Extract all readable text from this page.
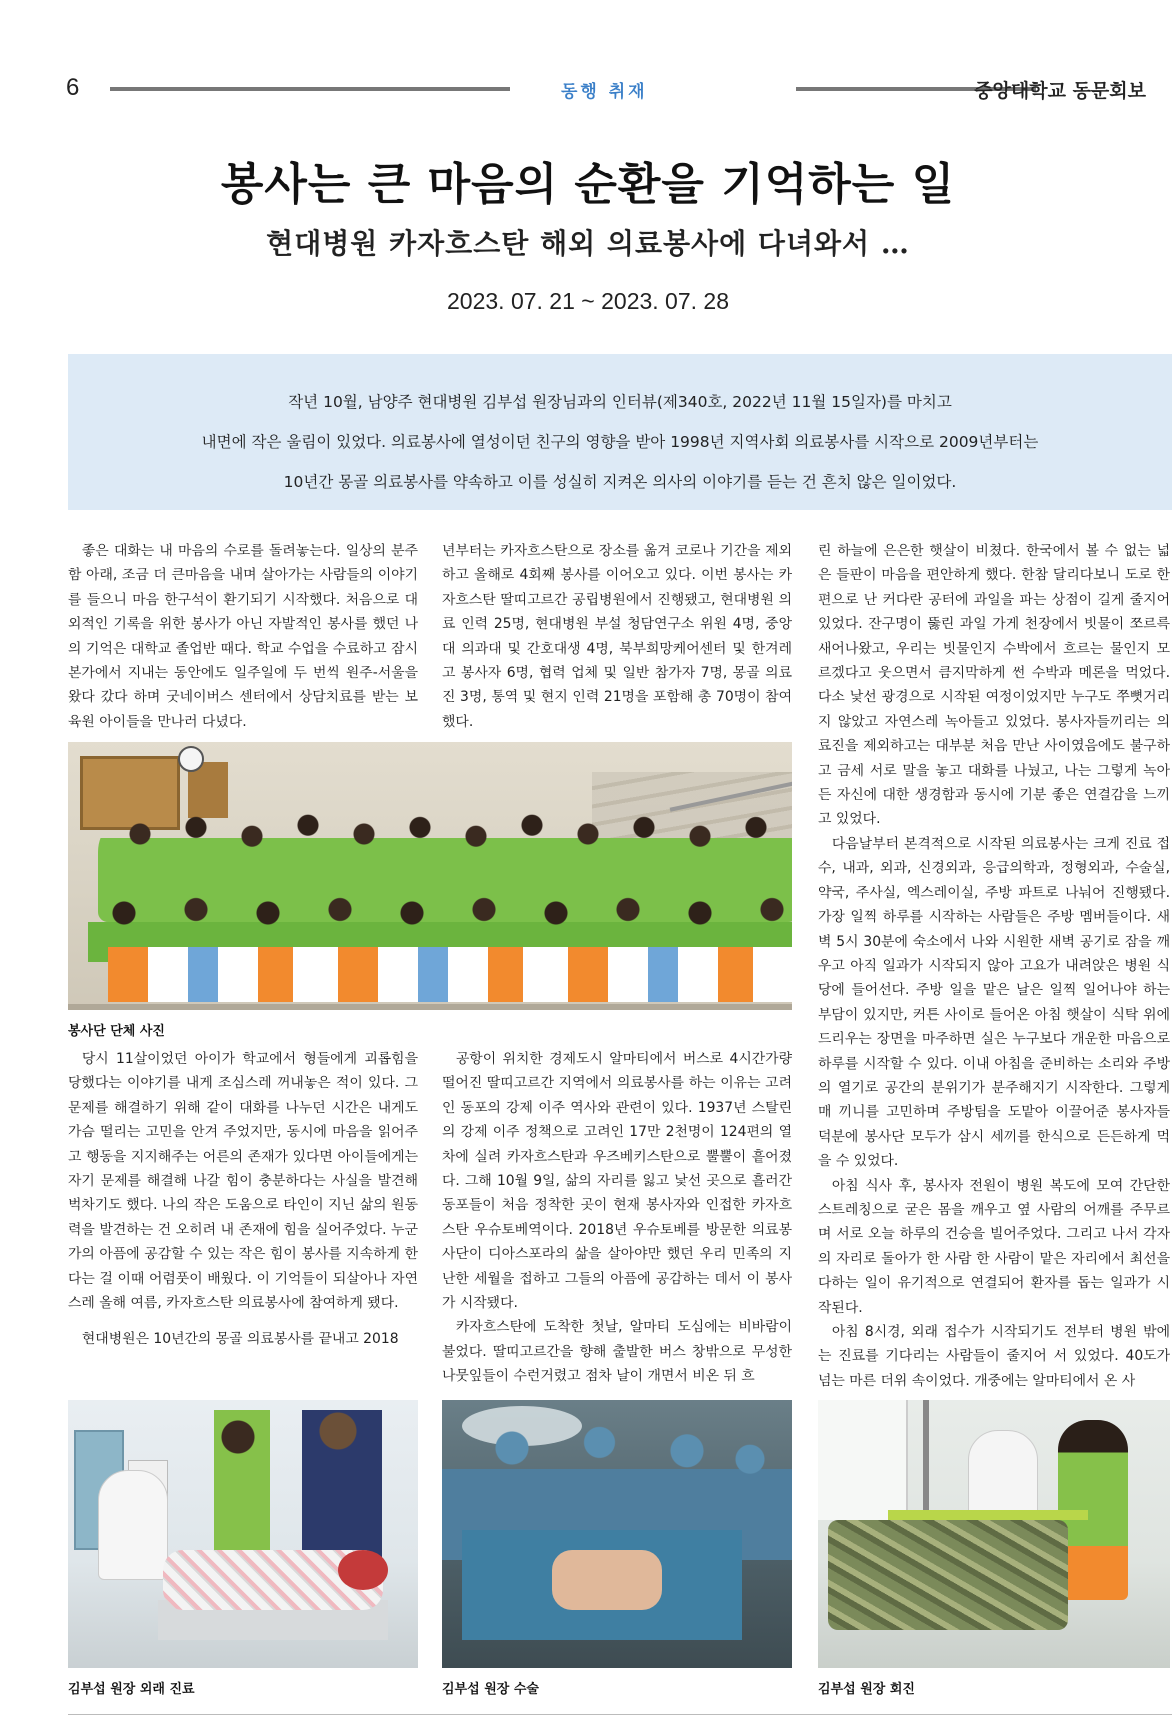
6	동행 취재	중앙대학교 동문회보
봉사는 큰 마음의 순환을 기억하는 일
현대병원 카자흐스탄 해외 의료봉사에 다녀와서 …
2023. 07. 21 ~ 2023. 07. 28
작년 10월, 남양주 현대병원 김부섭 원장님과의 인터뷰(제340호, 2022년 11월 15일자)를 마치고
내면에 작은 울림이 있었다. 의료봉사에 열성이던 친구의 영향을 받아 1998년 지역사회 의료봉사를 시작으로 2009년부터는
10년간 몽골 의료봉사를 약속하고 이를 성실히 지켜온 의사의 이야기를 듣는 건 흔치 않은 일이었다.

좋은 대화는 내 마음의 수로를 돌려놓는다. 일상의 분주함 아래, 조금 더 큰마음을 내며 살아가는 사람들의 이야기를 들으니 마음 한구석이 환기되기 시작했다. 처음으로 대외적인 기록을 위한 봉사가 아닌 자발적인 봉사를 했던 나의 기억은 대학교 졸업반 때다. 학교 수업을 수료하고 잠시 본가에서 지내는 동안에도 일주일에 두 번씩 원주-서울을 왔다 갔다 하며 굿네이버스 센터에서 상담치료를 받는 보육원 아이들을 만나러 다녔다.

년부터는 카자흐스탄으로 장소를 옮겨 코로나 기간을 제외하고 올해로 4회째 봉사를 이어오고 있다. 이번 봉사는 카자흐스탄 딸띠고르간 공립병원에서 진행됐고, 현대병원 의료 인력 25명, 현대병원 부설 청담연구소 위원 4명, 중앙대 의과대 및 간호대생 4명, 북부희망케어센터 및 한겨레고 봉사자 6명, 협력 업체 및 일반 참가자 7명, 몽골 의료진 3명, 통역 및 현지 인력 21명을 포함해 총 70명이 참여했다.

봉사단 단체 사진

당시 11살이었던 아이가 학교에서 형들에게 괴롭힘을 당했다는 이야기를 내게 조심스레 꺼내놓은 적이 있다. 그 문제를 해결하기 위해 같이 대화를 나누던 시간은 내게도 가슴 떨리는 고민을 안겨 주었지만, 동시에 마음을 읽어주고 행동을 지지해주는 어른의 존재가 있다면 아이들에게는 자기 문제를 해결해 나갈 힘이 충분하다는 사실을 발견해 벅차기도 했다. 나의 작은 도움으로 타인이 지닌 삶의 원동력을 발견하는 건 오히려 내 존재에 힘을 실어주었다. 누군가의 아픔에 공감할 수 있는 작은 힘이 봉사를 지속하게 한다는 걸 이때 어렴풋이 배웠다. 이 기억들이 되살아나 자연스레 올해 여름, 카자흐스탄 의료봉사에 참여하게 됐다.

현대병원은 10년간의 몽골 의료봉사를 끝내고 2018

공항이 위치한 경제도시 알마티에서 버스로 4시간가량 떨어진 딸띠고르간 지역에서 의료봉사를 하는 이유는 고려인 동포의 강제 이주 역사와 관련이 있다. 1937년 스탈린의 강제 이주 정책으로 고려인 17만 2천명이 124편의 열차에 실려 카자흐스탄과 우즈베키스탄으로 뿔뿔이 흩어졌다. 그해 10월 9일, 삶의 자리를 잃고 낯선 곳으로 흘러간 동포들이 처음 정착한 곳이 현재 봉사자와 인접한 카자흐스탄 우슈토베역이다. 2018년 우슈토베를 방문한 의료봉사단이 디아스포라의 삶을 살아야만 했던 우리 민족의 지난한 세월을 접하고 그들의 아픔에 공감하는 데서 이 봉사가 시작됐다.

카자흐스탄에 도착한 첫날, 알마티 도심에는 비바람이 불었다. 딸띠고르간을 향해 출발한 버스 창밖으로 무성한 나뭇잎들이 수런거렸고 점차 날이 개면서 비온 뒤 흐

린 하늘에 은은한 햇살이 비쳤다. 한국에서 볼 수 없는 넓은 들판이 마음을 편안하게 했다. 한참 달리다보니 도로 한편으로 난 커다란 공터에 과일을 파는 상점이 길게 줄지어 있었다. 잔구명이 뚫린 과일 가게 천장에서 빗물이 쪼르륵 새어나왔고, 우리는 빗물인지 수박에서 흐르는 물인지 모르겠다고 웃으면서 큼지막하게 썬 수박과 메론을 먹었다. 다소 낯선 광경으로 시작된 여정이었지만 누구도 쭈뼛거리지 않았고 자연스레 녹아들고 있었다. 봉사자들끼리는 의료진을 제외하고는 대부분 처음 만난 사이였음에도 불구하고 금세 서로 말을 놓고 대화를 나눴고, 나는 그렇게 녹아든 자신에 대한 생경함과 동시에 기분 좋은 연결감을 느끼고 있었다.

다음날부터 본격적으로 시작된 의료봉사는 크게 진료 접수, 내과, 외과, 신경외과, 응급의학과, 정형외과, 수술실, 약국, 주사실, 엑스레이실, 주방 파트로 나눠어 진행됐다. 가장 일찍 하루를 시작하는 사람들은 주방 멤버들이다. 새벽 5시 30분에 숙소에서 나와 시원한 새벽 공기로 잠을 깨우고 아직 일과가 시작되지 않아 고요가 내려앉은 병원 식당에 들어선다. 주방 일을 맡은 날은 일찍 일어나야 하는 부담이 있지만, 커튼 사이로 들어온 아침 햇살이 식탁 위에 드리우는 장면을 마주하면 실은 누구보다 개운한 마음으로 하루를 시작할 수 있다. 이내 아침을 준비하는 소리와 주방의 열기로 공간의 분위기가 분주해지기 시작한다. 그렇게 매 끼니를 고민하며 주방팀을 도맡아 이끌어준 봉사자들 덕분에 봉사단 모두가 삼시 세끼를 한식으로 든든하게 먹을 수 있었다.

아침 식사 후, 봉사자 전원이 병원 복도에 모여 간단한 스트레칭으로 굳은 몸을 깨우고 옆 사람의 어깨를 주무르며 서로 오늘 하루의 건승을 빌어주었다. 그리고 나서 각자의 자리로 돌아가 한 사람 한 사람이 맡은 자리에서 최선을 다하는 일이 유기적으로 연결되어 환자를 돕는 일과가 시작된다.

아침 8시경, 외래 접수가 시작되기도 전부터 병원 밖에는 진료를 기다리는 사람들이 줄지어 서 있었다. 40도가 넘는 마른 더위 속이었다. 개중에는 알마티에서 온 사

김부섭 원장 외래 진료	김부섭 원장 수술	김부섭 원장 회진
